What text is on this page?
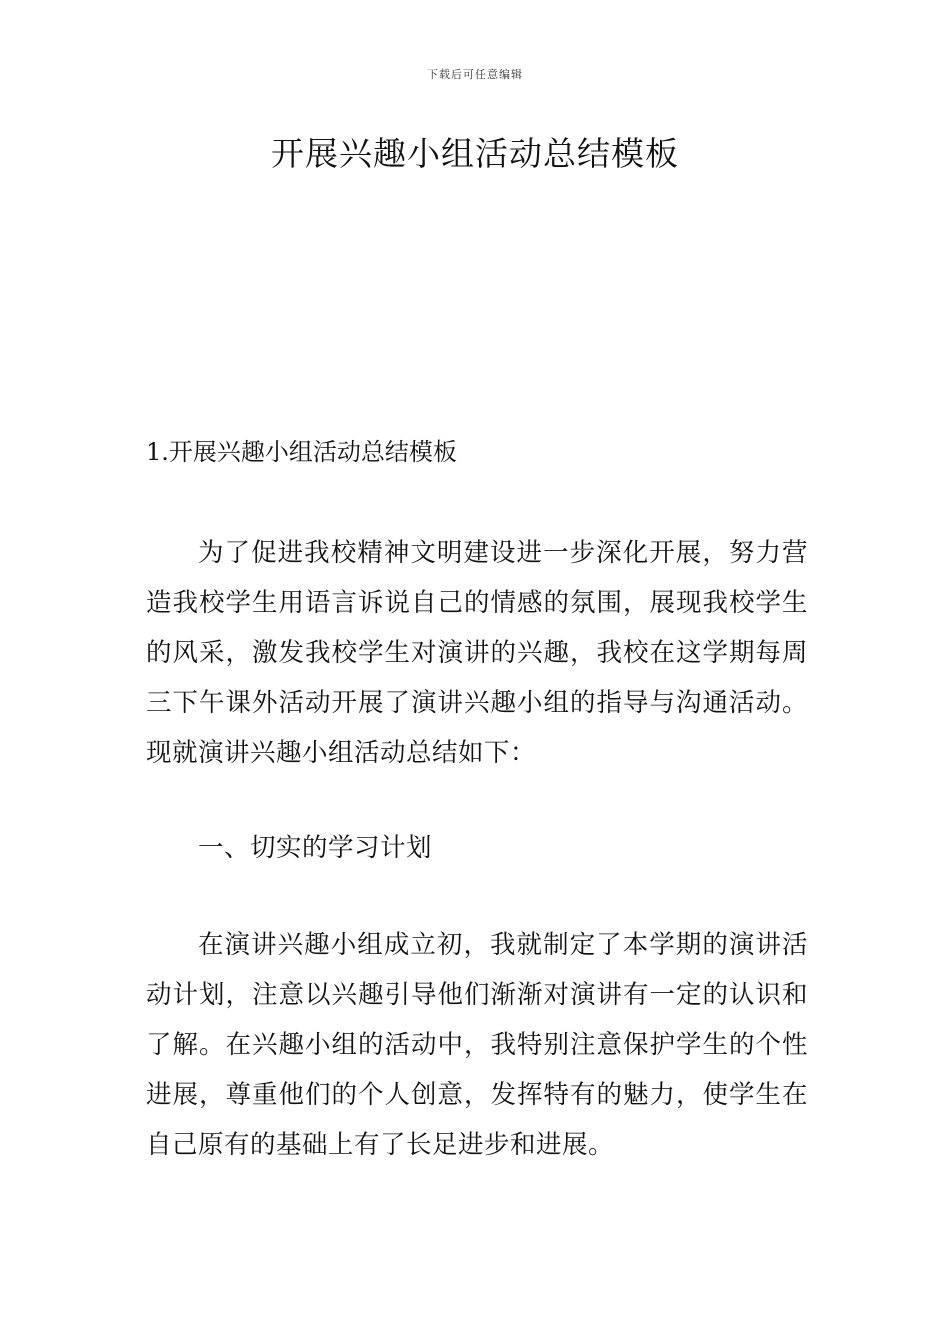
下载后可任意编辑
开展兴趣小组活动总结模板
1.开展兴趣小组活动总结模板

为了促进我校精神文明建设进一步深化开展，努力营造我校学生用语言诉说自己的情感的氛围，展现我校学生的风采，激发我校学生对演讲的兴趣，我校在这学期每周三下午课外活动开展了演讲兴趣小组的指导与沟通活动。现就演讲兴趣小组活动总结如下：

一、切实的学习计划

在演讲兴趣小组成立初，我就制定了本学期的演讲活动计划，注意以兴趣引导他们渐渐对演讲有一定的认识和了解。在兴趣小组的活动中，我特别注意保护学生的个性进展，尊重他们的个人创意，发挥特有的魅力，使学生在自己原有的基础上有了长足进步和进展。
